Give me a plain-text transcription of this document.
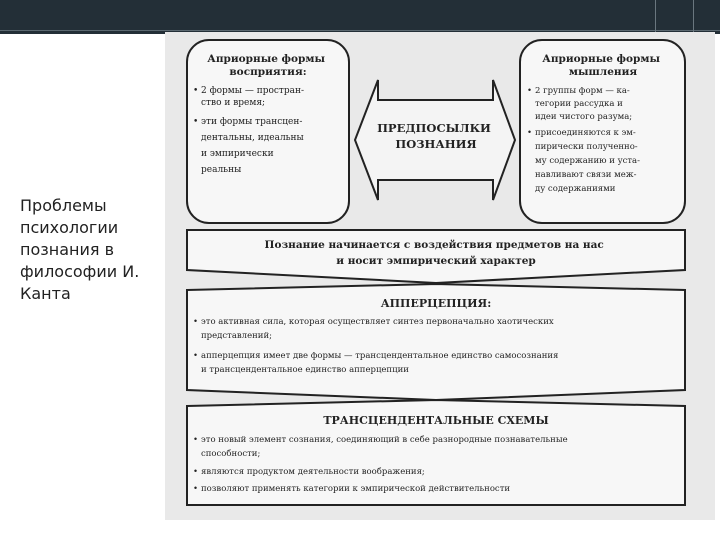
Проблемы психологии познания в философии И. Канта
Априорные формы восприятия:
• 2 формы — простран- ство и время;
• эти формы трансцен- дентальны, идеальны и эмпирически реальны
ПРЕДПОСЫЛКИ ПОЗНАНИЯ
Априорные формы мышления
• 2 группы форм — ка- тегории рассудка и идеи чистого разума;
• присоединяются к эм- пирически полученно- му содержанию и уста- навливают связи меж- ду содержаниями
Познание начинается с воздействия предметов на нас и носит эмпирический характер
АППЕРЦЕПЦИЯ:
• это активная сила, которая осуществляет синтез первоначально хаотических представлений;
• апперцепция имеет две формы — трансцендентальное единство самосознания и трансцендентальное единство апперцепции
ТРАНСЦЕНДЕНТАЛЬНЫЕ СХЕМЫ
• это новый элемент сознания, соединяющий в себе разнородные познавательные способности;
• являются продуктом деятельности воображения;
• позволяют применять категории к эмпирической действительности
